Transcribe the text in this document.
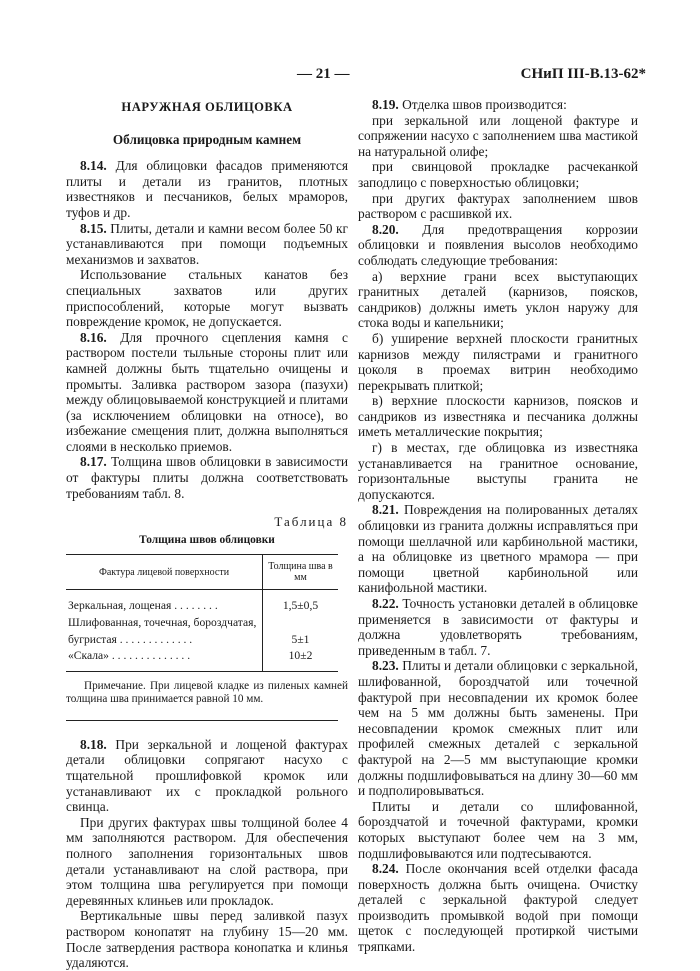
— 21 —	СНиП III-В.13-62*
НАРУЖНАЯ ОБЛИЦОВКА
Облицовка природным камнем

8.14. Для облицовки фасадов применяются плиты и детали из гранитов, плотных известняков и песчаников, белых мраморов, туфов и др.

8.15. Плиты, детали и камни весом более 50 кг устанавливаются при помощи подъемных механизмов и захватов.

Использование стальных канатов без специальных захватов или других приспособлений, которые могут вызвать повреждение кромок, не допускается.

8.16. Для прочного сцепления камня с раствором постели тыльные стороны плит или камней должны быть тщательно очищены и промыты. Заливка раствором зазора (пазухи) между облицовываемой конструкцией и плитами (за исключением облицовки на относе), во избежание смещения плит, должна выполняться слоями в несколько приемов.

8.17. Толщина швов облицовки в зависимости от фактуры плиты должна соответствовать требованиям табл. 8.

Таблица 8
Толщина швов облицовки
Фактура лицевой поверхности	Толщина шва в мм
Зеркальная, лощеная . . . . . . . .	1,5±0,5
Шлифованная, точечная, бороздчатая,	
бугристая . . . . . . . . . . . . .	5±1
«Скала» . . . . . . . . . . . . . .	10±2

Примечание. При лицевой кладке из пиленых камней толщина шва принимается равной 10 мм.

8.18. При зеркальной и лощеной фактурах детали облицовки сопрягают насухо с тщательной прошлифовкой кромок или устанавливают их с прокладкой рольного свинца.

При других фактурах швы толщиной более 4 мм заполняются раствором. Для обеспечения полного заполнения горизонтальных швов детали устанавливают на слой раствора, при этом толщина шва регулируется при помощи деревянных клиньев или прокладок.

Вертикальные швы перед заливкой пазух раствором конопатят на глубину 15—20 мм. После затвердения раствора конопатка и клинья удаляются.

8.19. Отделка швов производится:

при зеркальной или лощеной фактуре и сопряжении насухо с заполнением шва мастикой на натуральной олифе;

при свинцовой прокладке расчеканкой заподлицо с поверхностью облицовки;

при других фактурах заполнением швов раствором с расшивкой их.

8.20. Для предотвращения коррозии облицовки и появления высолов необходимо соблюдать следующие требования:

а) верхние грани всех выступающих гранитных деталей (карнизов, поясков, сандриков) должны иметь уклон наружу для стока воды и капельники;

б) уширение верхней плоскости гранитных карнизов между пилястрами и гранитного цоколя в проемах витрин необходимо перекрывать плиткой;

в) верхние плоскости карнизов, поясков и сандриков из известняка и песчаника должны иметь металлические покрытия;

г) в местах, где облицовка из известняка устанавливается на гранитное основание, горизонтальные выступы гранита не допускаются.

8.21. Повреждения на полированных деталях облицовки из гранита должны исправляться при помощи шеллачной или карбинольной мастики, а на облицовке из цветного мрамора — при помощи цветной карбинольной или канифольной мастики.

8.22. Точность установки деталей в облицовке применяется в зависимости от фактуры и должна удовлетворять требованиям, приведенным в табл. 7.

8.23. Плиты и детали облицовки с зеркальной, шлифованной, бороздчатой или точечной фактурой при несовпадении их кромок более чем на 5 мм должны быть заменены. При несовпадении кромок смежных плит или профилей смежных деталей с зеркальной фактурой на 2—5 мм выступающие кромки должны подшлифовываться на длину 30—60 мм и подполировываться.

Плиты и детали со шлифованной, бороздчатой и точечной фактурами, кромки которых выступают более чем на 3 мм, подшлифовываются или подтесываются.

8.24. После окончания всей отделки фасада поверхность должна быть очищена. Очистку деталей с зеркальной фактурой следует производить промывкой водой при помощи щеток с последующей протиркой чистыми тряпками.
